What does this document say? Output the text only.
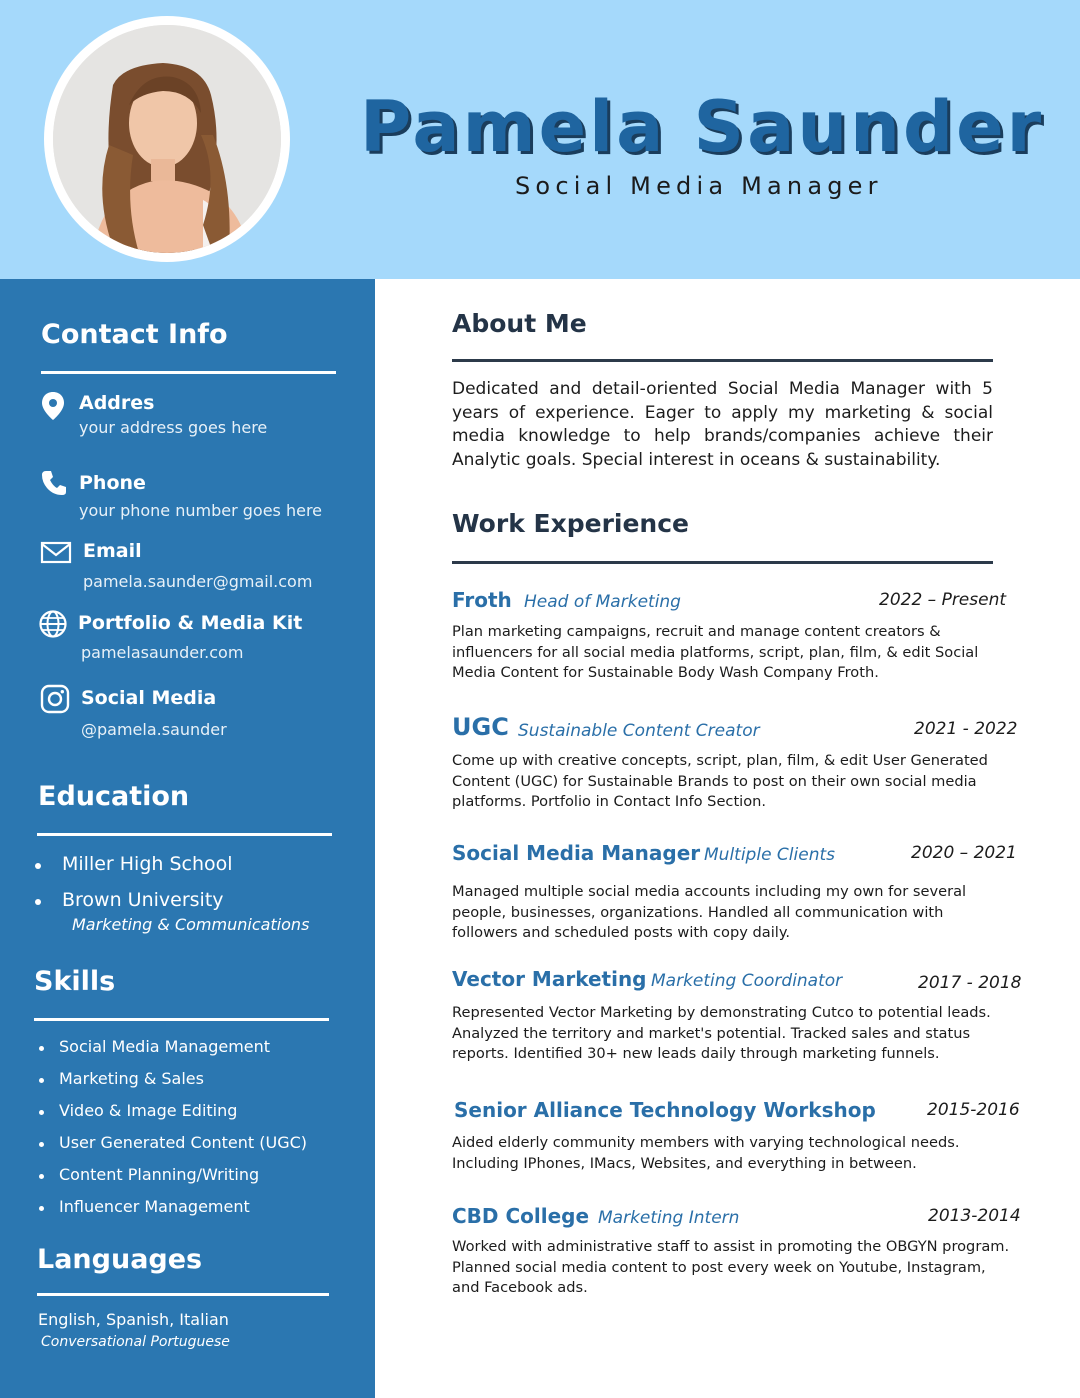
Pamela Saunder
Social Media Manager
Contact Info
Addres
your address goes here
Phone
your phone number goes here
Email
pamela.saunder@gmail.com
Portfolio & Media Kit
pamelasaunder.com
Social Media
@pamela.saunder
Education
Miller High School
Brown University
Marketing & Communications
Skills
Social Media Management
Marketing & Sales
Video & Image Editing
User Generated Content (UGC)
Content Planning/Writing
Influencer Management
Languages
English, Spanish, Italian
Conversational Portuguese
About Me
Dedicated and detail-oriented Social Media Manager with 5 years of experience. Eager to apply my marketing & social media knowledge to help brands/companies achieve their Analytic goals. Special interest in oceans & sustainability.
Work Experience
Froth Head of Marketing	2022 – Present
Plan marketing campaigns, recruit and manage content creators & influencers for all social media platforms, script, plan, film, & edit Social Media Content for Sustainable Body Wash Company Froth.
UGC Sustainable Content Creator	2021 - 2022
Come up with creative concepts, script, plan, film, & edit User Generated Content (UGC) for Sustainable Brands to post on their own social media platforms. Portfolio in Contact Info Section.
Social Media Manager Multiple Clients	2020 – 2021
Managed multiple social media accounts including my own for several people, businesses, organizations. Handled all communication with followers and scheduled posts with copy daily.
Vector Marketing Marketing Coordinator	2017 - 2018
Represented Vector Marketing by demonstrating Cutco to potential leads. Analyzed the territory and market's potential. Tracked sales and status reports. Identified 30+ new leads daily through marketing funnels.
Senior Alliance Technology Workshop	2015-2016
Aided elderly community members with varying technological needs. Including IPhones, IMacs, Websites, and everything in between.
CBD College Marketing Intern	2013-2014
Worked with administrative staff to assist in promoting the OBGYN program. Planned social media content to post every week on Youtube, Instagram, and Facebook ads.
